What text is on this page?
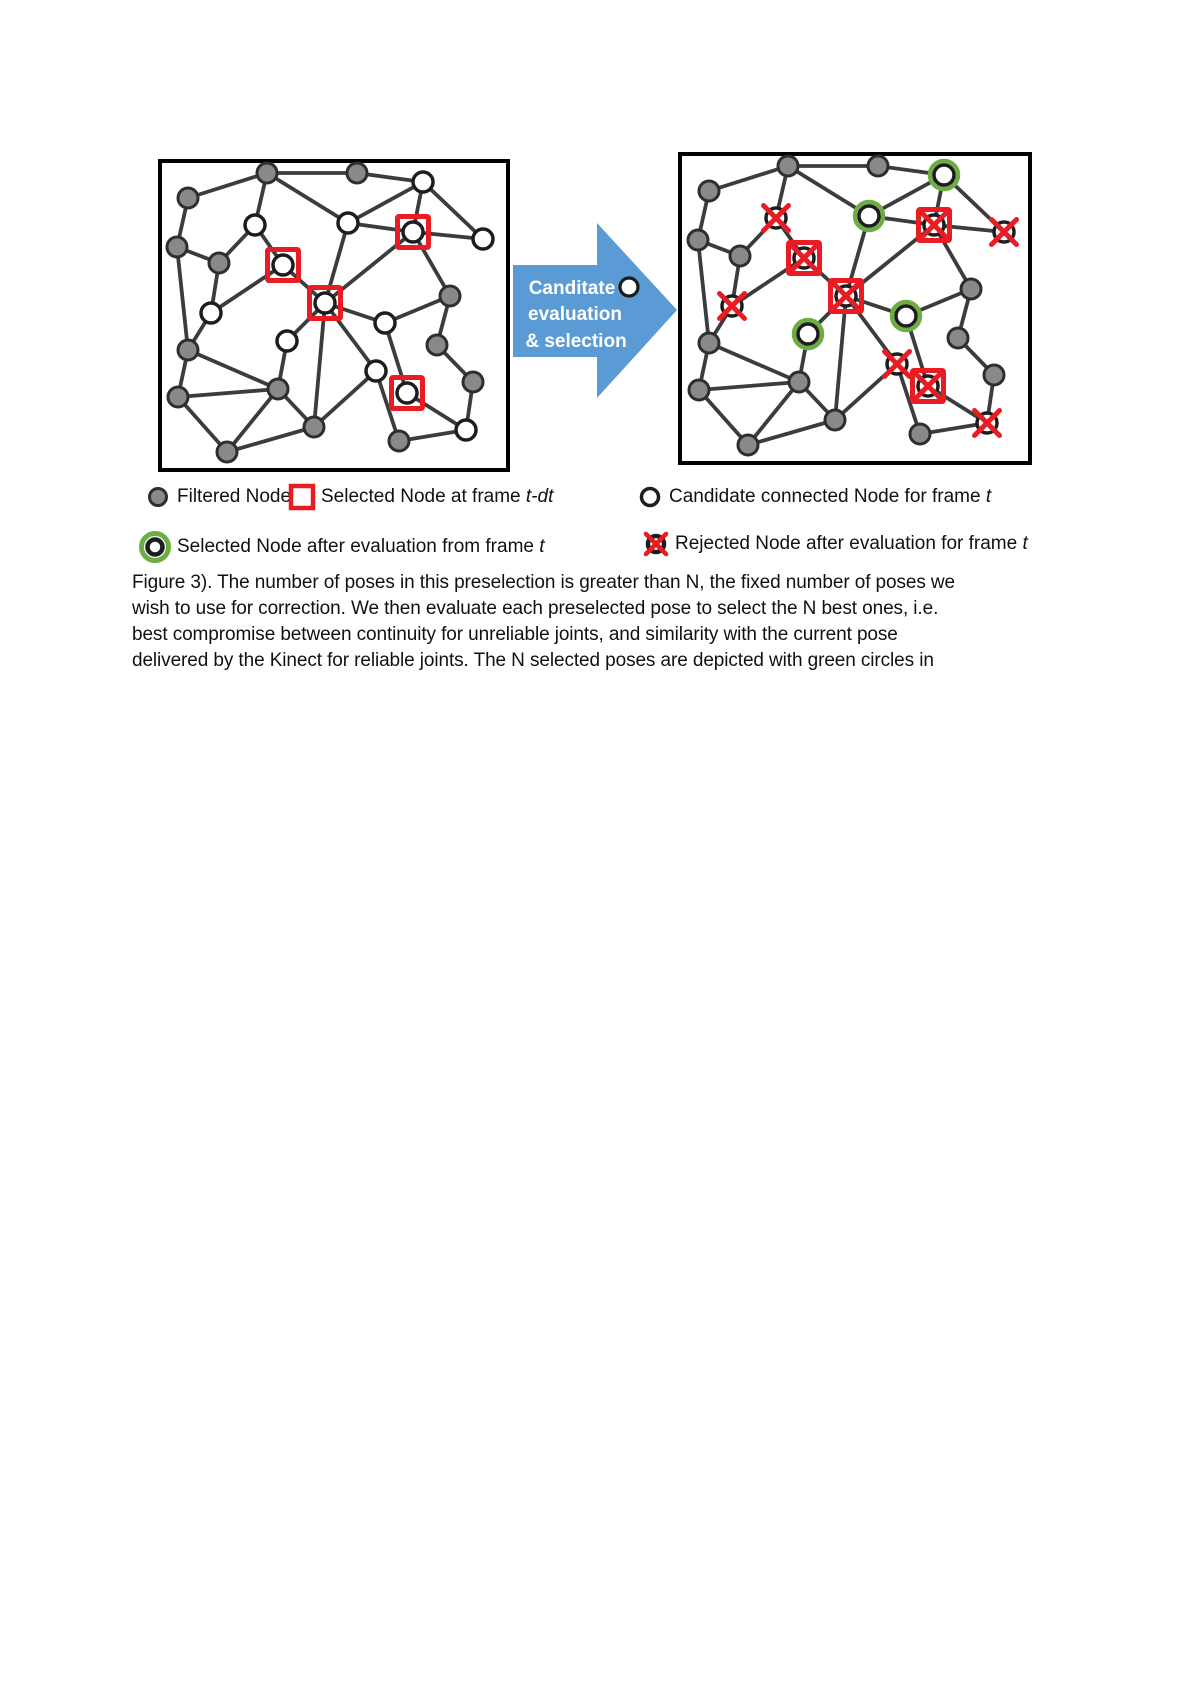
Canditate
evaluation
& selection
Filtered Node Selected Node at frame t-dt	Candidate connected Node for frame t
Selected Node after evaluation from frame t	Rejected Node after evaluation for frame t
Figure 3). The number of poses in this preselection is greater than N, the fixed number of poses we
wish to use for correction. We then evaluate each preselected pose to select the N best ones, i.e.
best compromise between continuity for unreliable joints, and similarity with the current pose
delivered by the Kinect for reliable joints. The N selected poses are depicted with green circles in
